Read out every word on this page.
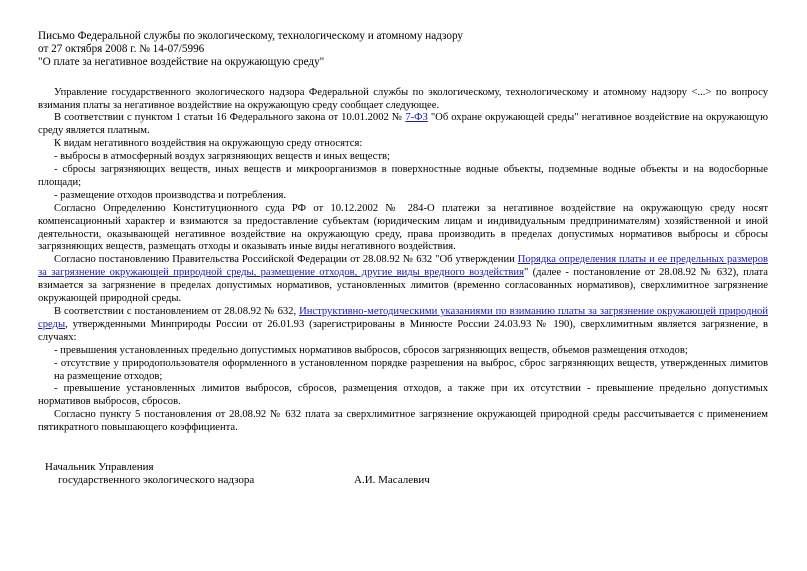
Письмо Федеральной службы по экологическому, технологическому и атомному надзору
от 27 октября 2008 г. № 14-07/5996
"О плате за негативное воздействие на окружающую среду"

Управление государственного экологического надзора Федеральной службы по экологическому, технологическому и атомному надзору <...> по вопросу взимания платы за негативное воздействие на окружающую среду сообщает следующее.

В соответствии с пунктом 1 статьи 16 Федерального закона от 10.01.2002 № 7-ФЗ "Об охране окружающей среды" негативное воздействие на окружающую среду является платным.

К видам негативного воздействия на окружающую среду относятся:

- выбросы в атмосферный воздух загрязняющих веществ и иных веществ;

- сбросы загрязняющих веществ, иных веществ и микроорганизмов в поверхностные водные объекты, подземные водные объекты и на водосборные площади;

- размещение отходов производства и потребления.

Согласно Определению Конституционного суда РФ от 10.12.2002 № 284-О платежи за негативное воздействие на окружающую среду носят компенсационный характер и взимаются за предоставление субъектам (юридическим лицам и индивидуальным предпринимателям) хозяйственной и иной деятельности, оказывающей негативное воздействие на окружающую среду, права производить в пределах допустимых нормативов выбросы и сбросы загрязняющих веществ, размещать отходы и оказывать иные виды негативного воздействия.

Согласно постановлению Правительства Российской Федерации от 28.08.92 № 632 "Об утверждении Порядка определения платы и ее предельных размеров за загрязнение окружающей природной среды, размещение отходов, другие виды вредного воздействия" (далее - постановление от 28.08.92 № 632), плата взимается за загрязнение в пределах допустимых нормативов, установленных лимитов (временно согласованных нормативов), сверхлимитное загрязнение окружающей природной среды.

В соответствии с постановлением от 28.08.92 № 632, Инструктивно-методическими указаниями по взиманию платы за загрязнение окружающей природной среды, утвержденными Минприроды России от 26.01.93 (зарегистрированы в Минюсте России 24.03.93 № 190), сверхлимитным является загрязнение, в случаях:

- превышения установленных предельно допустимых нормативов выбросов, сбросов загрязняющих веществ, объемов размещения отходов;

- отсутствие у природопользователя оформленного в установленном порядке разрешения на выброс, сброс загрязняющих веществ, утвержденных лимитов на размещение отходов;

- превышение установленных лимитов выбросов, сбросов, размещения отходов, а также при их отсутствии - превышение предельно допустимых нормативов выбросов, сбросов.

Согласно пункту 5 постановления от 28.08.92 № 632 плата за сверхлимитное загрязнение окружающей природной среды рассчитывается с применением пятикратного повышающего коэффициента.

Начальник Управления
государственного экологического надзора	А.И. Масалевич
